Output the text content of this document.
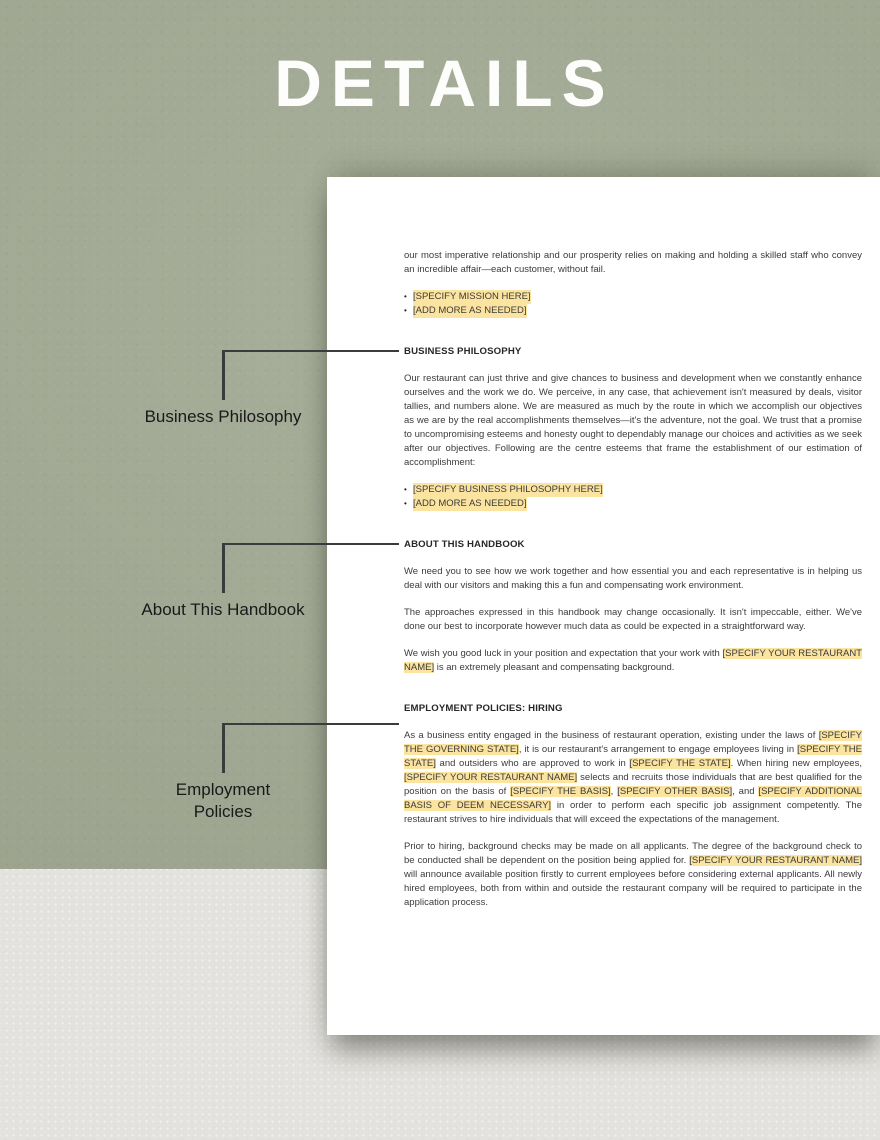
DETAILS

our most imperative relationship and our prosperity relies on making and holding a skilled staff who convey an incredible affair—each customer, without fail.

• [SPECIFY MISSION HERE]
• [ADD MORE AS NEEDED]
BUSINESS PHILOSOPHY

Our restaurant can just thrive and give chances to business and development when we constantly enhance ourselves and the work we do. We perceive, in any case, that achievement isn't measured by deals, visitor tallies, and numbers alone. We are measured as much by the route in which we accomplish our objectives as we are by the real accomplishments themselves—it's the adventure, not the goal. We trust that a promise to uncompromising esteems and honesty ought to dependably manage our choices and activities as we seek after our objectives. Following are the centre esteems that frame the establishment of our estimation of accomplishment:

• [SPECIFY BUSINESS PHILOSOPHY HERE]
• [ADD MORE AS NEEDED]
ABOUT THIS HANDBOOK

We need you to see how we work together and how essential you and each representative is in helping us deal with our visitors and making this a fun and compensating work environment.

The approaches expressed in this handbook may change occasionally. It isn't impeccable, either. We've done our best to incorporate however much data as could be expected in a straightforward way.

We wish you good luck in your position and expectation that your work with [SPECIFY YOUR RESTAURANT NAME] is an extremely pleasant and compensating background.

EMPLOYMENT POLICIES: HIRING

As a business entity engaged in the business of restaurant operation, existing under the laws of [SPECIFY THE GOVERNING STATE], it is our restaurant's arrangement to engage employees living in [SPECIFY THE STATE] and outsiders who are approved to work in [SPECIFY THE STATE]. When hiring new employees, [SPECIFY YOUR RESTAURANT NAME] selects and recruits those individuals that are best qualified for the position on the basis of [SPECIFY THE BASIS], [SPECIFY OTHER BASIS], and [SPECIFY ADDITIONAL BASIS OF DEEM NECESSARY] in order to perform each specific job assignment competently. The restaurant strives to hire individuals that will exceed the expectations of the management.

Prior to hiring, background checks may be made on all applicants. The degree of the background check to be conducted shall be dependent on the position being applied for. [SPECIFY YOUR RESTAURANT NAME] will announce available position firstly to current employees before considering external applicants. All newly hired employees, both from within and outside the restaurant company will be required to participate in the application process.

Business Philosophy
About This Handbook
Employment Policies
